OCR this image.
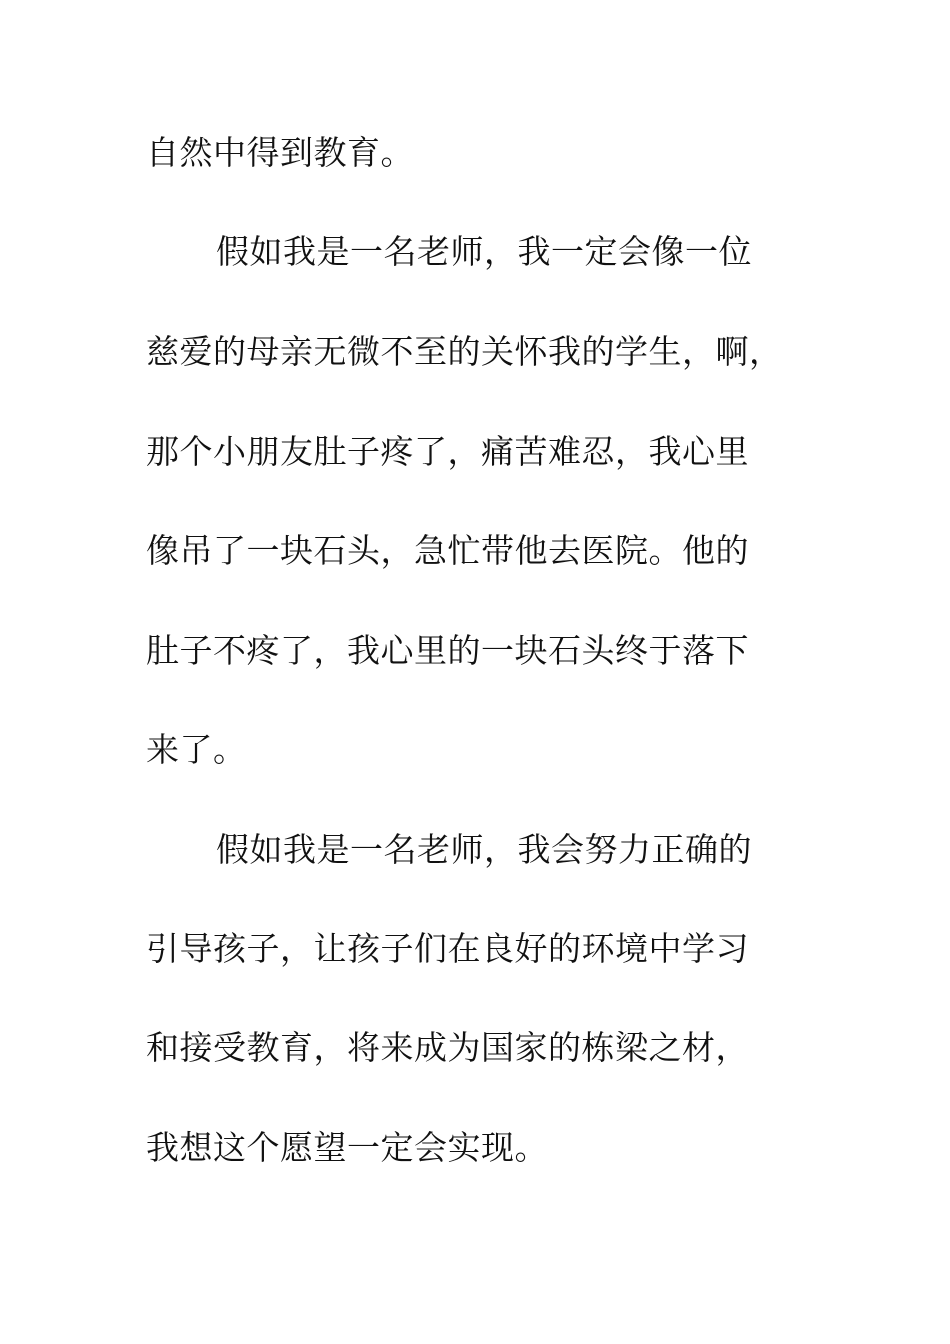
自然中得到教育。

假如我是一名老师，我一定会像一位

慈爱的母亲无微不至的关怀我的学生，啊，

那个小朋友肚子疼了，痛苦难忍，我心里

像吊了一块石头，急忙带他去医院。他的

肚子不疼了，我心里的一块石头终于落下

来了。

假如我是一名老师，我会努力正确的

引导孩子，让孩子们在良好的环境中学习

和接受教育，将来成为国家的栋梁之材，

我想这个愿望一定会实现。
